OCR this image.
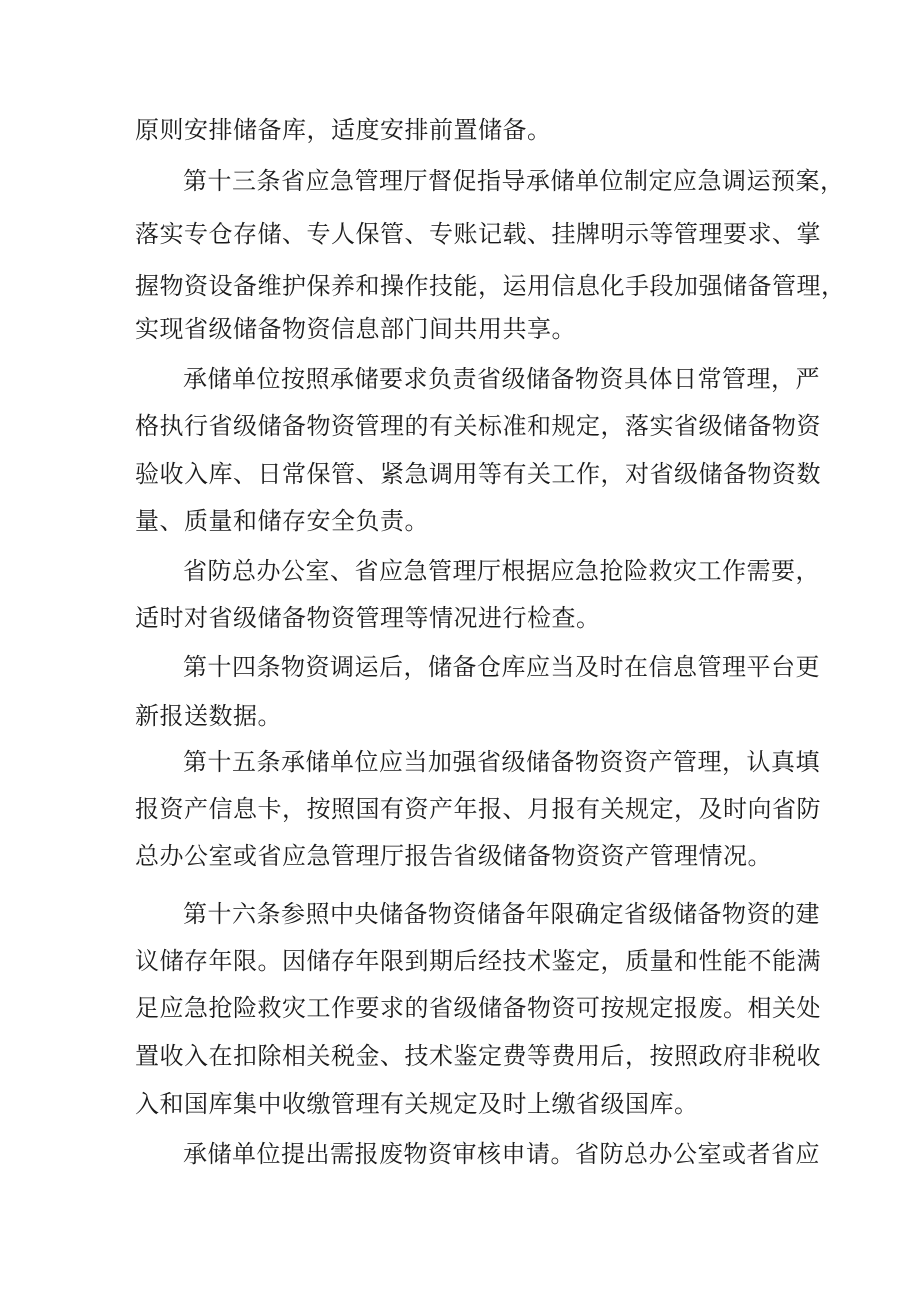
原则安排储备库，适度安排前置储备。
第十三条省应急管理厅督促指导承储单位制定应急调运预案，
落实专仓存储、专人保管、专账记载、挂牌明示等管理要求、掌
握物资设备维护保养和操作技能，运用信息化手段加强储备管理，
实现省级储备物资信息部门间共用共享。
承储单位按照承储要求负责省级储备物资具体日常管理，严
格执行省级储备物资管理的有关标准和规定，落实省级储备物资
验收入库、日常保管、紧急调用等有关工作，对省级储备物资数
量、质量和储存安全负责。
省防总办公室、省应急管理厅根据应急抢险救灾工作需要，
适时对省级储备物资管理等情况进行检查。
第十四条物资调运后，储备仓库应当及时在信息管理平台更
新报送数据。
第十五条承储单位应当加强省级储备物资资产管理，认真填
报资产信息卡，按照国有资产年报、月报有关规定，及时向省防
总办公室或省应急管理厅报告省级储备物资资产管理情况。
第十六条参照中央储备物资储备年限确定省级储备物资的建
议储存年限。因储存年限到期后经技术鉴定，质量和性能不能满
足应急抢险救灾工作要求的省级储备物资可按规定报废。相关处
置收入在扣除相关税金、技术鉴定费等费用后，按照政府非税收
入和国库集中收缴管理有关规定及时上缴省级国库。
承储单位提出需报废物资审核申请。省防总办公室或者省应
